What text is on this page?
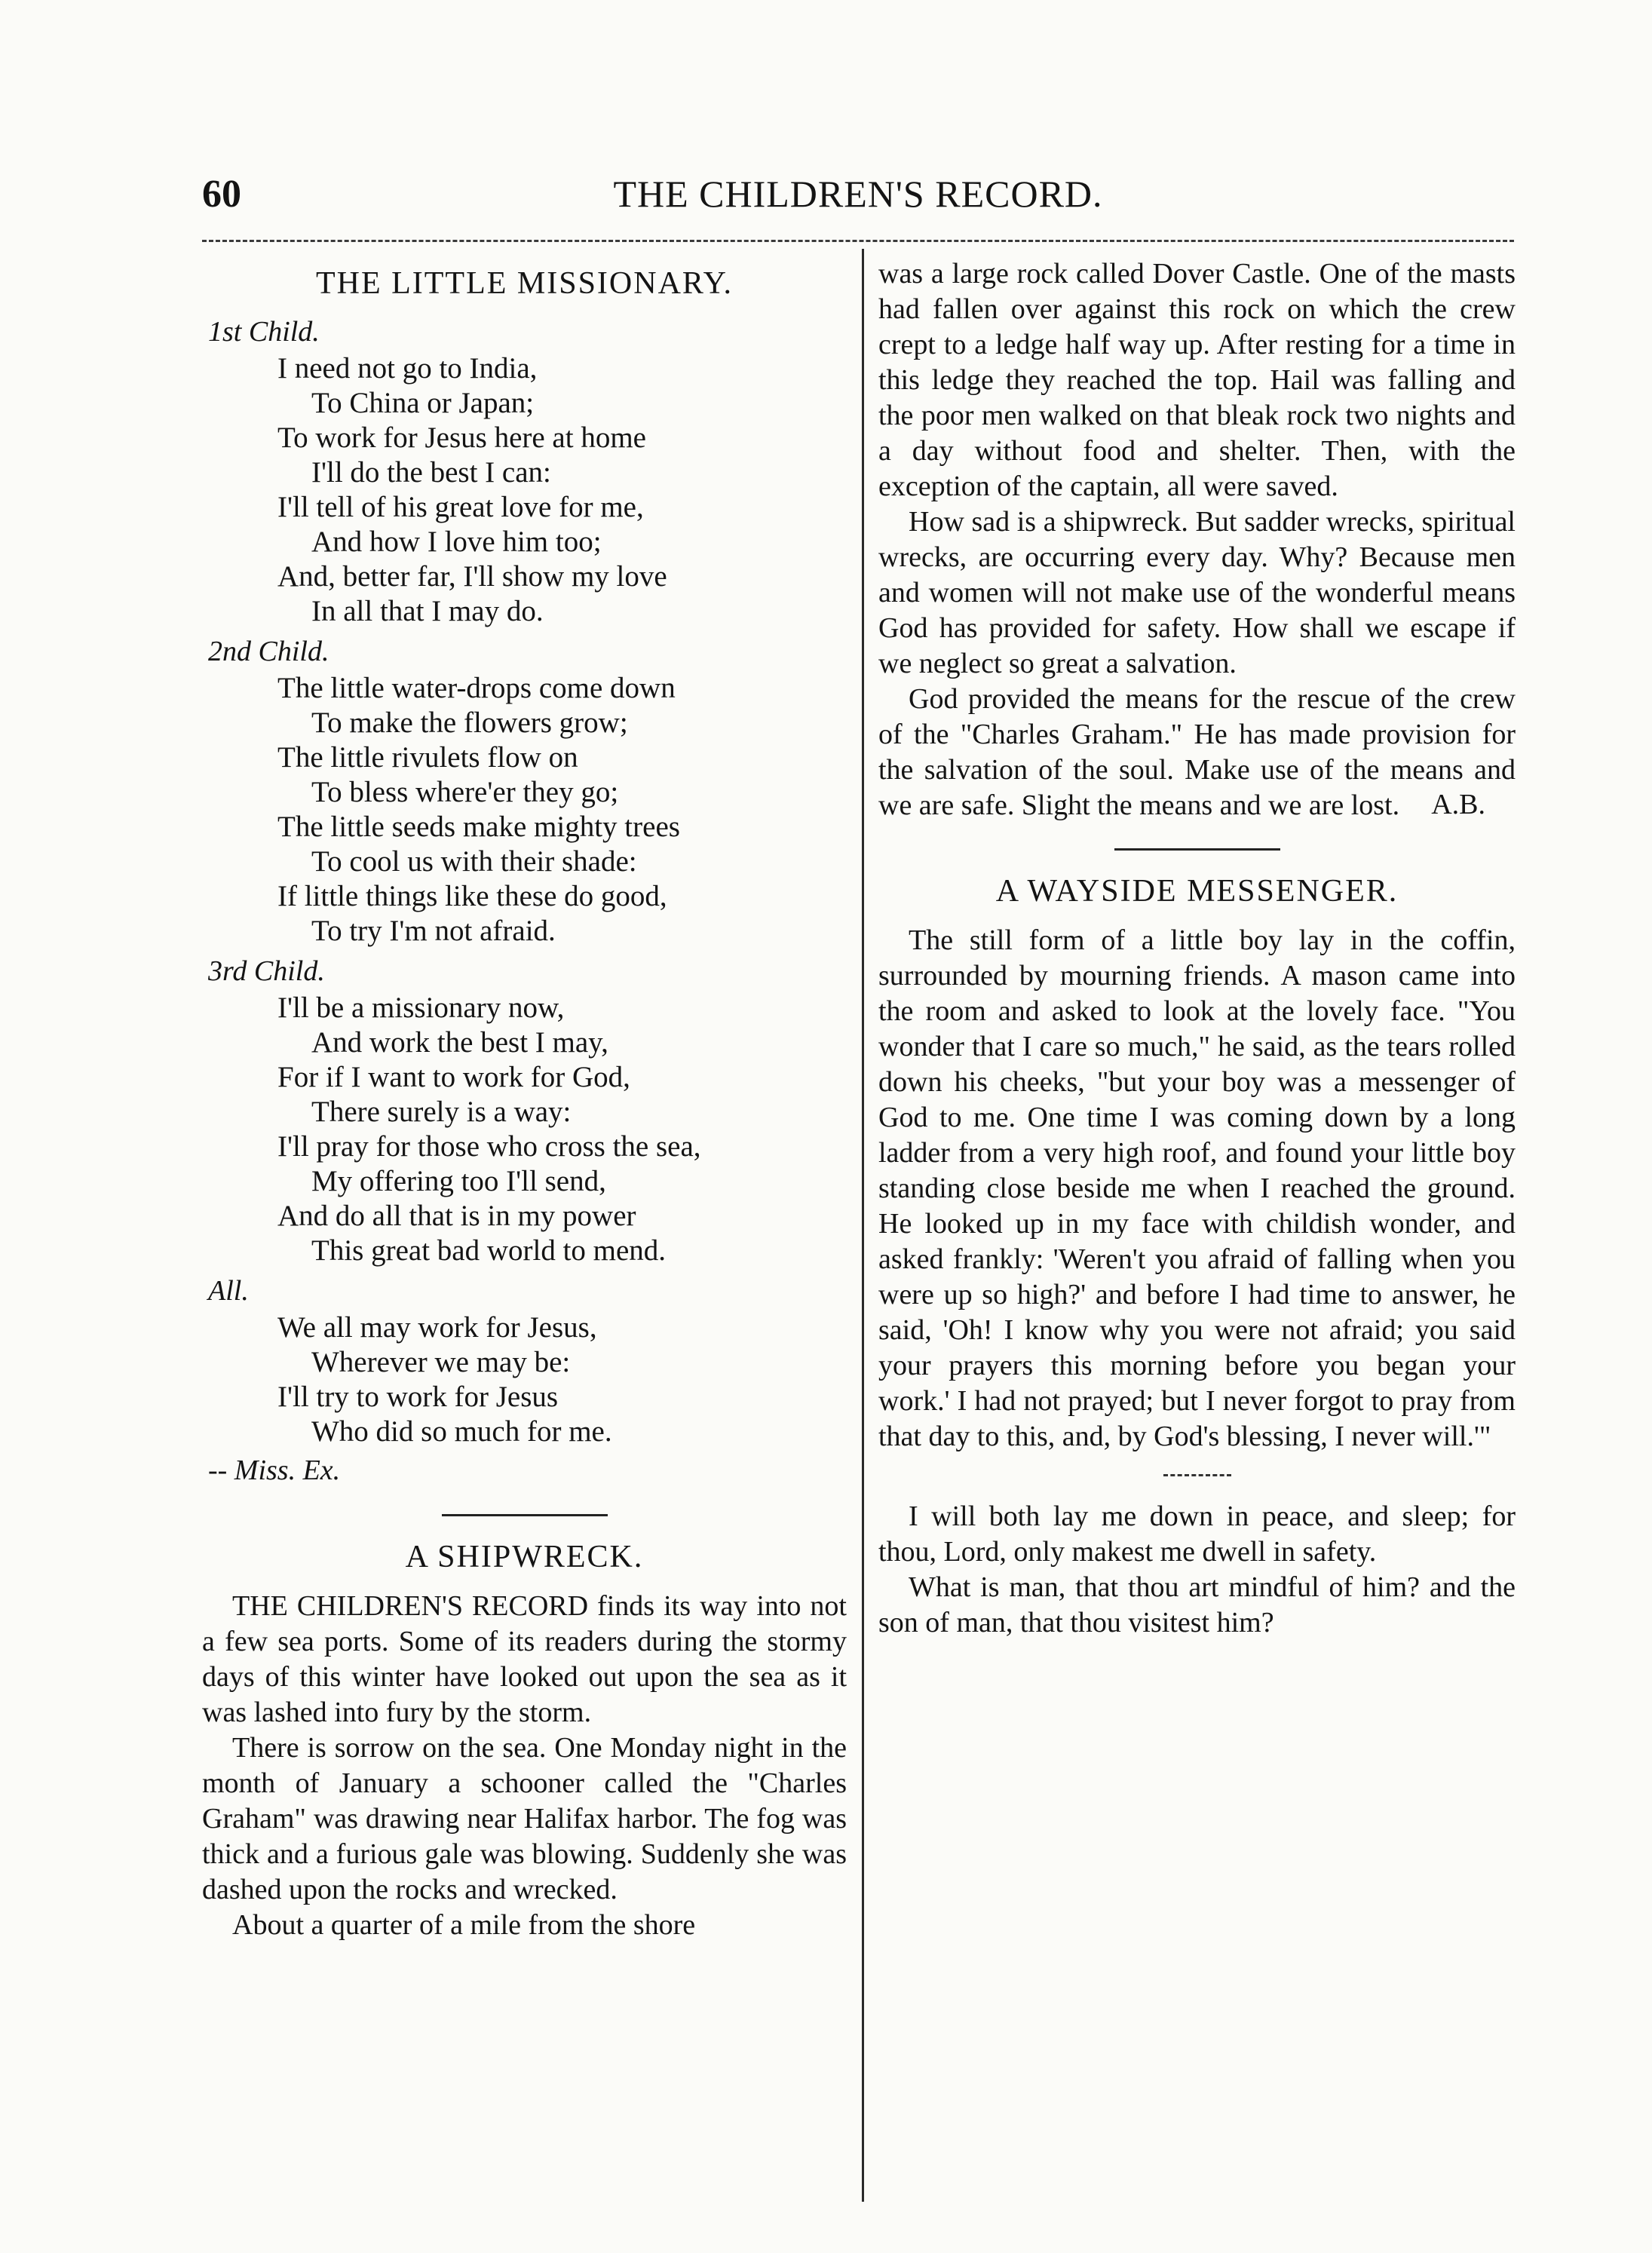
60	THE CHILDREN'S RECORD.
THE LITTLE MISSIONARY.
1st Child.
I need not go to India,
To China or Japan;
To work for Jesus here at home
I'll do the best I can:
I'll tell of his great love for me,
And how I love him too;
And, better far, I'll show my love
In all that I may do.
2nd Child.
The little water-drops come down
To make the flowers grow;
The little rivulets flow on
To bless where'er they go;
The little seeds make mighty trees
To cool us with their shade:
If little things like these do good,
To try I'm not afraid.
3rd Child.
I'll be a missionary now,
And work the best I may,
For if I want to work for God,
There surely is a way:
I'll pray for those who cross the sea,
My offering too I'll send,
And do all that is in my power
This great bad world to mend.
All.
We all may work for Jesus,
Wherever we may be:
I'll try to work for Jesus
Who did so much for me.
-- Miss. Ex.
A SHIPWRECK.

THE CHILDREN'S RECORD finds its way into not a few sea ports. Some of its readers during the stormy days of this winter have looked out upon the sea as it was lashed into fury by the storm.

There is sorrow on the sea. One Monday night in the month of January a schooner called the "Charles Graham" was drawing near Halifax harbor. The fog was thick and a furious gale was blowing. Suddenly she was dashed upon the rocks and wrecked.

About a quarter of a mile from the shore

was a large rock called Dover Castle. One of the masts had fallen over against this rock on which the crew crept to a ledge half way up. After resting for a time in this ledge they reached the top. Hail was falling and the poor men walked on that bleak rock two nights and a day without food and shelter. Then, with the exception of the captain, all were saved.

How sad is a shipwreck. But sadder wrecks, spiritual wrecks, are occurring every day. Why? Because men and women will not make use of the wonderful means God has provided for safety. How shall we escape if we neglect so great a salvation.

God provided the means for the rescue of the crew of the "Charles Graham." He has made provision for the salvation of the soul. Make use of the means and we are safe. Slight the means and we are lost.	A.B.
A WAYSIDE MESSENGER.

The still form of a little boy lay in the coffin, surrounded by mourning friends. A mason came into the room and asked to look at the lovely face. "You wonder that I care so much," he said, as the tears rolled down his cheeks, "but your boy was a messenger of God to me. One time I was coming down by a long ladder from a very high roof, and found your little boy standing close beside me when I reached the ground. He looked up in my face with childish wonder, and asked frankly: 'Weren't you afraid of falling when you were up so high?' and before I had time to answer, he said, 'Oh! I know why you were not afraid; you said your prayers this morning before you began your work.' I had not prayed; but I never forgot to pray from that day to this, and, by God's blessing, I never will.'"

I will both lay me down in peace, and sleep; for thou, Lord, only makest me dwell in safety.

What is man, that thou art mindful of him? and the son of man, that thou visitest him?
